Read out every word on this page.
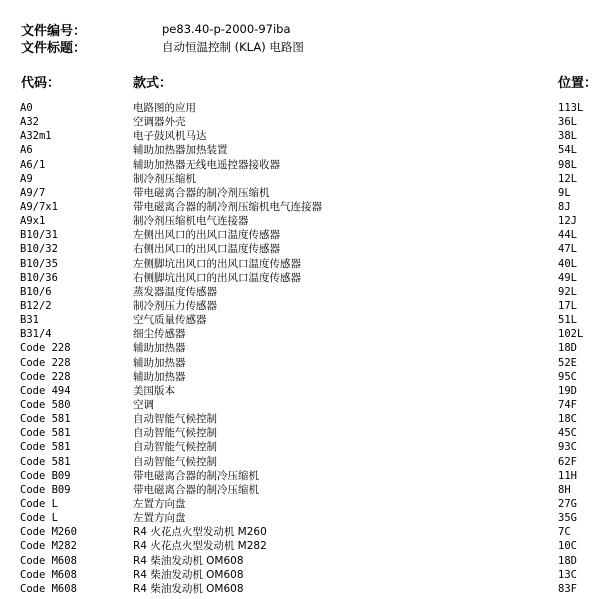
文件编号：	pe83.40-p-2000-97iba
文件标题：	自动恒温控制 (KLA) 电路图
代码：	款式：	位置：
A0	电路图的应用	113L
A32	空调器外壳	36L
A32m1	电子鼓风机马达	38L
A6	辅助加热器加热装置	54L
A6/1	辅助加热器无线电遥控器接收器	98L
A9	制冷剂压缩机	12L
A9/7	带电磁离合器的制冷剂压缩机	9L
A9/7x1	带电磁离合器的制冷剂压缩机电气连接器	8J
A9x1	制冷剂压缩机电气连接器	12J
B10/31	左侧出风口的出风口温度传感器	44L
B10/32	右侧出风口的出风口温度传感器	47L
B10/35	左侧脚坑出风口的出风口温度传感器	40L
B10/36	右侧脚坑出风口的出风口温度传感器	49L
B10/6	蒸发器温度传感器	92L
B12/2	制冷剂压力传感器	17L
B31	空气质量传感器	51L
B31/4	细尘传感器	102L
Code 228	辅助加热器	18D
Code 228	辅助加热器	52E
Code 228	辅助加热器	95C
Code 494	美国版本	19D
Code 580	空调	74F
Code 581	自动智能气候控制	18C
Code 581	自动智能气候控制	45C
Code 581	自动智能气候控制	93C
Code 581	自动智能气候控制	62F
Code B09	带电磁离合器的制冷压缩机	11H
Code B09	带电磁离合器的制冷压缩机	8H
Code L	左置方向盘	27G
Code L	左置方向盘	35G
Code M260	R4 火花点火型发动机 M260	7C
Code M282	R4 火花点火型发动机 M282	10C
Code M608	R4 柴油发动机 OM608	18D
Code M608	R4 柴油发动机 OM608	13C
Code M608	R4 柴油发动机 OM608	83F
